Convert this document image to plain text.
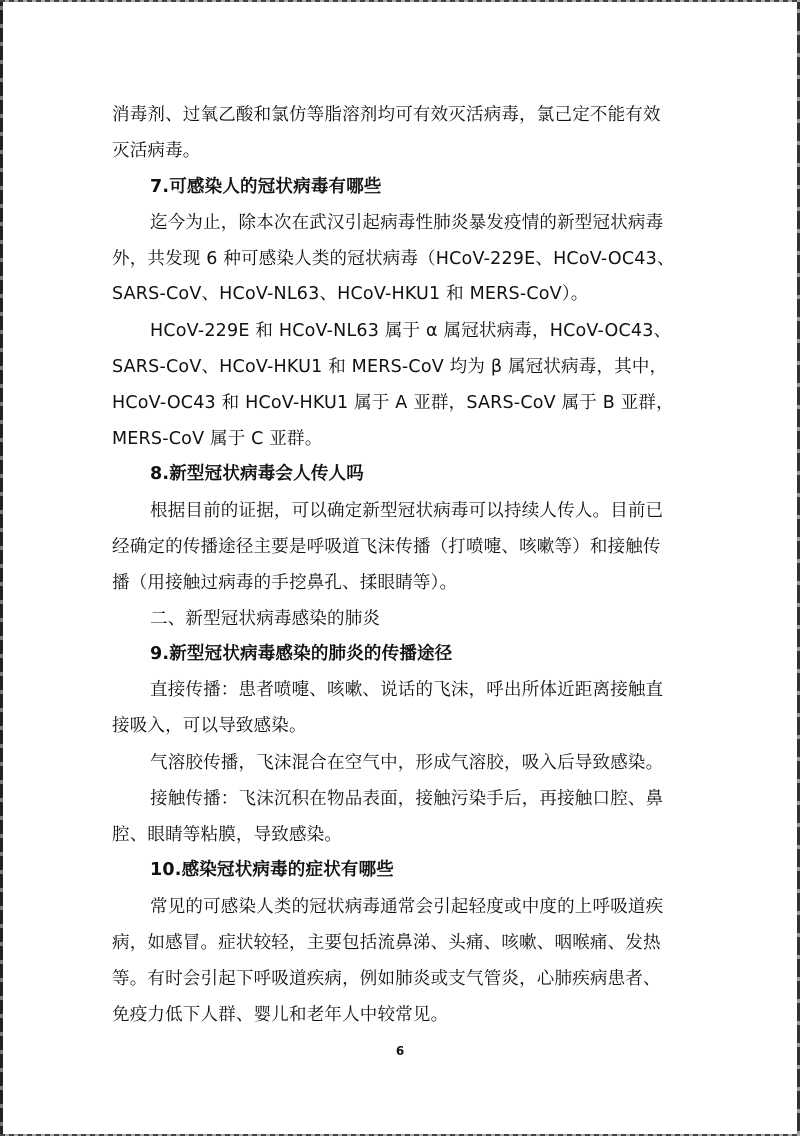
消毒剂、过氧乙酸和氯仿等脂溶剂均可有效灭活病毒，氯己定不能有效
灭活病毒。
7.可感染人的冠状病毒有哪些
迄今为止，除本次在武汉引起病毒性肺炎暴发疫情的新型冠状病毒
外，共发现 6 种可感染人类的冠状病毒（HCoV-229E、HCoV-OC43、
SARS-CoV、HCoV-NL63、HCoV-HKU1 和 MERS-CoV）。
HCoV-229E 和 HCoV-NL63 属于 α 属冠状病毒，HCoV-OC43、
SARS-CoV、HCoV-HKU1 和 MERS-CoV 均为 β 属冠状病毒，其中，
HCoV-OC43 和 HCoV-HKU1 属于 A 亚群，SARS-CoV 属于 B 亚群，
MERS-CoV 属于 C 亚群。
8.新型冠状病毒会人传人吗
根据目前的证据，可以确定新型冠状病毒可以持续人传人。目前已
经确定的传播途径主要是呼吸道飞沫传播（打喷嚏、咳嗽等）和接触传
播（用接触过病毒的手挖鼻孔、揉眼睛等）。
二、新型冠状病毒感染的肺炎
9.新型冠状病毒感染的肺炎的传播途径
直接传播：患者喷嚏、咳嗽、说话的飞沫，呼出所体近距离接触直
接吸入，可以导致感染。
气溶胶传播，飞沫混合在空气中，形成气溶胶，吸入后导致感染。
接触传播：飞沫沉积在物品表面，接触污染手后，再接触口腔、鼻
腔、眼睛等粘膜，导致感染。
10.感染冠状病毒的症状有哪些
常见的可感染人类的冠状病毒通常会引起轻度或中度的上呼吸道疾
病，如感冒。症状较轻，主要包括流鼻涕、头痛、咳嗽、咽喉痛、发热
等。有时会引起下呼吸道疾病，例如肺炎或支气管炎，心肺疾病患者、
免疫力低下人群、婴儿和老年人中较常见。
6
